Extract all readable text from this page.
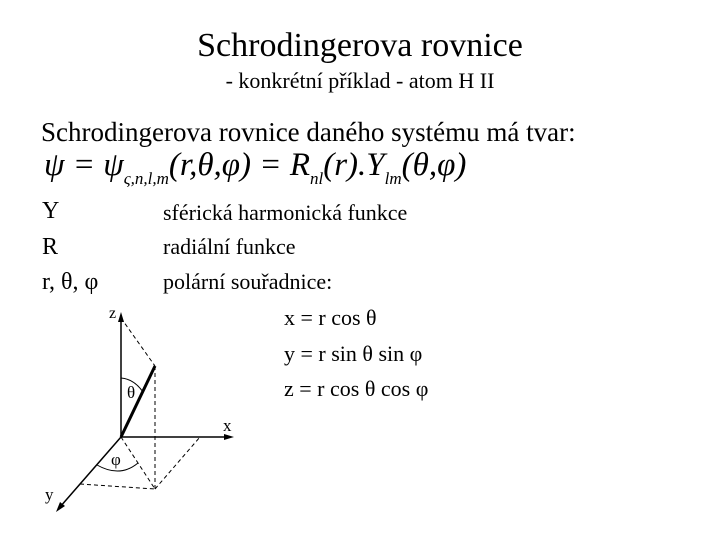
Schrodingerova rovnice
- konkrétní příklad - atom H II
Schrodingerova rovnice daného systému má tvar:
$\psi = \psi_{\varsigma,n,l,m}(r,\theta,\varphi) = R_{nl}(r).Y_{lm}(\theta,\varphi)$
Y	sférická harmonická funkce
R	radiální funkce
r, θ, φ	polární souřadnice:
x = r cos θ
y = r sin θ sin φ
z = r cos θ cos φ
z
x
y
θ
φ
